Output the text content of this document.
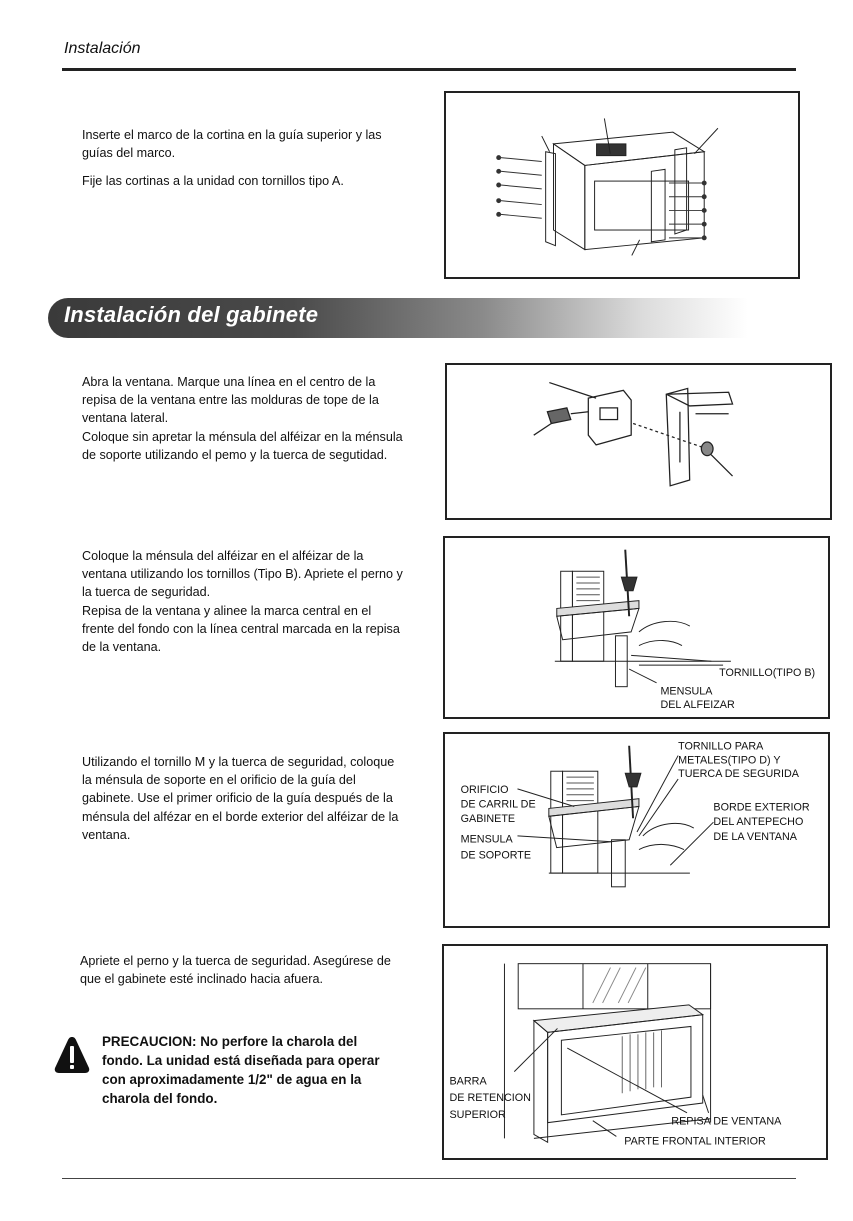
Instalación
Inserte el marco de la cortina en la guía superior y las
guías del marco.
Fije las cortinas a la unidad con tornillos tipo A.
Instalación del gabinete
Abra la ventana. Marque una línea en el centro de la
repisa de la ventana entre las molduras de tope de la
ventana lateral.
Coloque sin apretar la ménsula del alféizar en la ménsula
de soporte utilizando el pemo y la tuerca de segutidad.
Coloque la ménsula del alféizar en el alféizar de la
ventana utilizando los tornillos (Tipo B). Apriete el perno y
la tuerca de seguridad.
Repisa de la ventana y alinee la marca central en el
frente del fondo con la línea central marcada en la repisa
de la ventana.
TORNILLO(TIPO B)
MENSULA
DEL ALFEIZAR
Utilizando el tornillo M y la tuerca de seguridad, coloque
la ménsula de soporte en el orificio de la guía del
gabinete. Use el primer orificio de la guía después de la
ménsula del alfézar en el borde exterior del alféizar de la
ventana.
TORNILLO PARA
METALES(TIPO D) Y
TUERCA DE SEGURIDA
ORIFICIO
DE CARRIL DE
GABINETE
BORDE EXTERIOR
DEL ANTEPECHO
DE LA VENTANA
MENSULA
DE SOPORTE
Apriete el perno y la tuerca de seguridad. Asegúrese de
que el gabinete esté inclinado hacia afuera.
PRECAUCION: No perfore la charola del
fondo. La unidad está diseñada para operar
con aproximadamente 1/2" de agua en la
charola del fondo.
BARRA
DE RETENCION
SUPERIOR
REPISA DE VENTANA
PARTE FRONTAL INTERIOR
